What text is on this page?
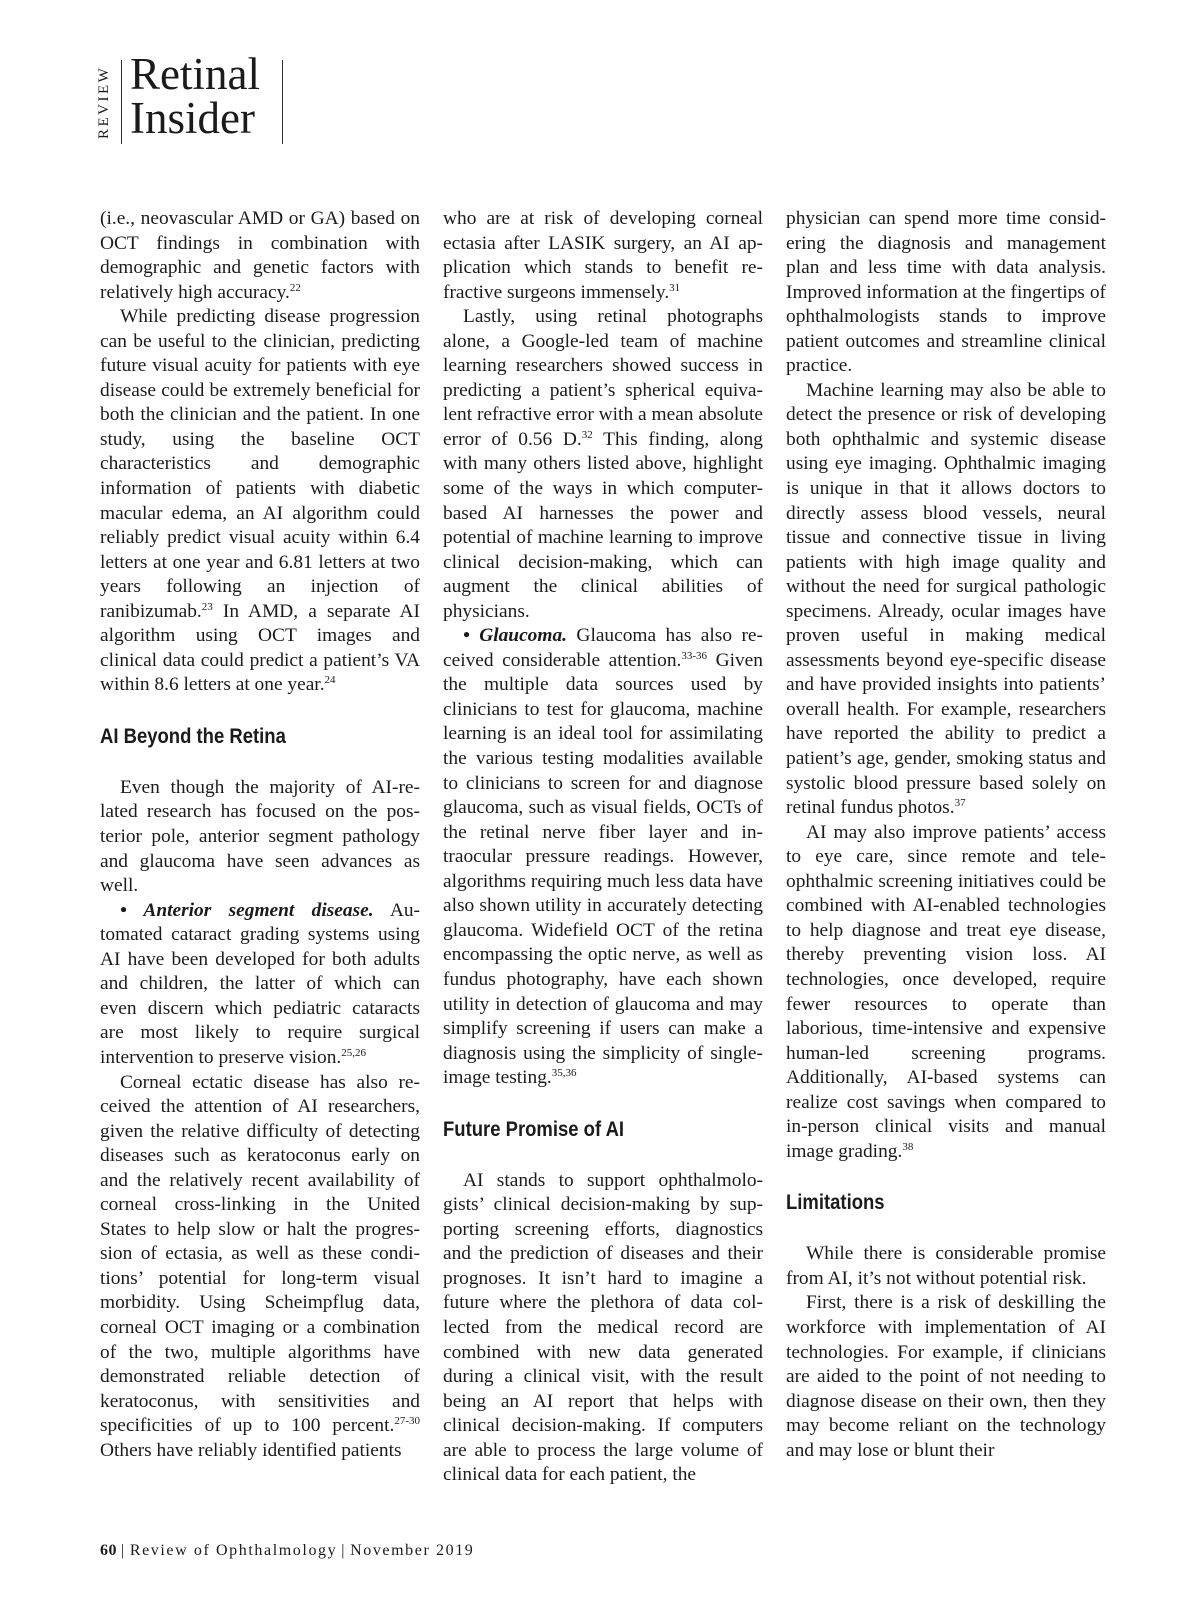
REVIEW Retinal
Insider

(i.e., neovascular AMD or GA) based on OCT findings in combination with demographic and genetic factors with relatively high accuracy.$^{22}$

While predicting disease progression can be useful to the clinician, predicting future visual acuity for patients with eye disease could be extremely beneficial for both the clinician and the patient. In one study, using the baseline OCT characteristics and demographic information of patients with diabetic macular edema, an AI algorithm could reliably predict visual acuity within 6.4 letters at one year and 6.81 letters at two years following an injection of ranibizumab.$^{23}$ In AMD, a separate AI algorithm using OCT images and clinical data could predict a patient’s VA within 8.6 letters at one year.$^{24}$

AI Beyond the Retina

Even though the majority of AI-related research has focused on the posterior pole, anterior segment pathology and glaucoma have seen advances as well.

• Anterior segment disease. Automated cataract grading systems using AI have been developed for both adults and children, the latter of which can even discern which pediatric cataracts are most likely to require surgical intervention to preserve vision.$^{25,26}$

Corneal ectatic disease has also received the attention of AI researchers, given the relative difficulty of detecting diseases such as keratoconus early on and the relatively recent availability of corneal cross-linking in the United States to help slow or halt the progression of ectasia, as well as these conditions’ potential for long-term visual morbidity. Using Scheimpflug data, corneal OCT imaging or a combination of the two, multiple algorithms have demonstrated reliable detection of keratoconus, with sensitivities and specificities of up to 100 percent.$^{27-30}$ Others have reliably identified patients

who are at risk of developing corneal ectasia after LASIK surgery, an AI application which stands to benefit refractive surgeons immensely.$^{31}$

Lastly, using retinal photographs alone, a Google-led team of machine learning researchers showed success in predicting a patient’s spherical equivalent refractive error with a mean absolute error of 0.56 D.$^{32}$ This finding, along with many others listed above, highlight some of the ways in which computer-based AI harnesses the power and potential of machine learning to improve clinical decision-making, which can augment the clinical abilities of physicians.

• Glaucoma. Glaucoma has also received considerable attention.$^{33-36}$ Given the multiple data sources used by clinicians to test for glaucoma, machine learning is an ideal tool for assimilating the various testing modalities available to clinicians to screen for and diagnose glaucoma, such as visual fields, OCTs of the retinal nerve fiber layer and intraocular pressure readings. However, algorithms requiring much less data have also shown utility in accurately detecting glaucoma. Widefield OCT of the retina encompassing the optic nerve, as well as fundus photography, have each shown utility in detection of glaucoma and may simplify screening if users can make a diagnosis using the simplicity of single-image testing.$^{35,36}$

Future Promise of AI

AI stands to support ophthalmologists’ clinical decision-making by supporting screening efforts, diagnostics and the prediction of diseases and their prognoses. It isn’t hard to imagine a future where the plethora of data collected from the medical record are combined with new data generated during a clinical visit, with the result being an AI report that helps with clinical decision-making. If computers are able to process the large volume of clinical data for each patient, the

physician can spend more time considering the diagnosis and management plan and less time with data analysis. Improved information at the fingertips of ophthalmologists stands to improve patient outcomes and streamline clinical practice.

Machine learning may also be able to detect the presence or risk of developing both ophthalmic and systemic disease using eye imaging. Ophthalmic imaging is unique in that it allows doctors to directly assess blood vessels, neural tissue and connective tissue in living patients with high image quality and without the need for surgical pathologic specimens. Already, ocular images have proven useful in making medical assessments beyond eye-specific disease and have provided insights into patients’ overall health. For example, researchers have reported the ability to predict a patient’s age, gender, smoking status and systolic blood pressure based solely on retinal fundus photos.$^{37}$

AI may also improve patients’ access to eye care, since remote and tele-ophthalmic screening initiatives could be combined with AI-enabled technologies to help diagnose and treat eye disease, thereby preventing vision loss. AI technologies, once developed, require fewer resources to operate than laborious, time-intensive and expensive human-led screening programs. Additionally, AI-based systems can realize cost savings when compared to in-person clinical visits and manual image grading.$^{38}$

Limitations

While there is considerable promise from AI, it’s not without potential risk.

First, there is a risk of deskilling the workforce with implementation of AI technologies. For example, if clinicians are aided to the point of not needing to diagnose disease on their own, then they may become reliant on the technology and may lose or blunt their

60 | Review of Ophthalmology | November 2019
